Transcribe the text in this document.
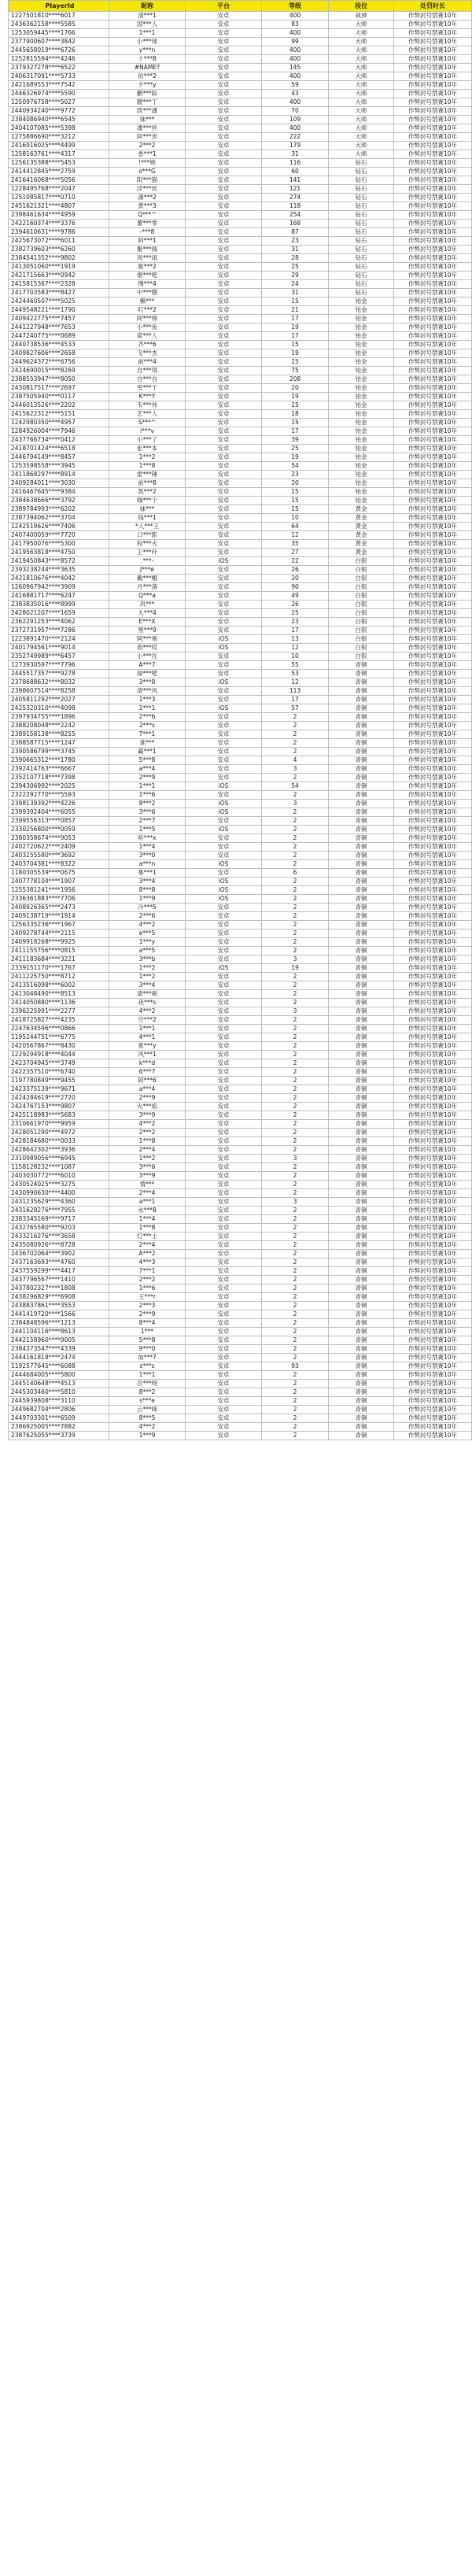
PlayerId	昵称	平台	等级	段位	处罚时长
1227501810****6017	清***1	安卓	400	战神	作弊封号禁赛10年
2436362158****5585	国***人	安卓	83	大师	作弊封号禁赛10年
1253059445****1766	1***1	安卓	400	大师	作弊封号禁赛10年
2377900607****3842	小***球	安卓	99	大师	作弊封号禁赛10年
2445658019****6726	y***n	安卓	400	大师	作弊封号禁赛10年
1252815594****4246	十***8	安卓	400	大师	作弊封号禁赛10年
2379327278****6522	#NAME?	安卓	145	大师	作弊封号禁赛10年
2406317091****5733	佑***2	安卓	400	大师	作弊封号禁赛10年
2421689553****7542	夕***y	安卓	59	大师	作弊封号禁赛10年
2446326974****5590	鹏***踪	安卓	43	大师	作弊封号禁赛10年
1250976758****5027	靓***丁	安卓	400	大师	作弊封号禁赛10年
2440934240****9772	凯***潘	安卓	70	大师	作弊封号禁赛10年
2384086940****6545	妹***	安卓	109	大师	作弊封号禁赛10年
2404107085****5398	潘***丝	安卓	400	大师	作弊封号禁赛10年
1275886690****3212	阿***世	安卓	222	大师	作弊封号禁赛10年
2416916025****4499	2***2	安卓	179	大师	作弊封号禁赛10年
1258163761****4317	香***1	安卓	31	大师	作弊封号禁赛10年
1256135388****5453	!***锦	安卓	116	钻石	作弊封号禁赛10年
2414412845****2759	o***G	安卓	60	钻石	作弊封号禁赛10年
2416416068****5056	阳***猫	安卓	141	钻石	作弊封号禁赛10年
1228495768****2047	浮***丝	安卓	121	钻石	作弊封号禁赛10年
1251085817****0710	凛***2	安卓	274	钻石	作弊封号禁赛10年
2451621321****4807	黄***3	安卓	118	钻石	作弊封号禁赛10年
2398461634****4959	Q***^	安卓	254	钻石	作弊封号禁赛10年
2422160374****3376	蕃***零	安卓	168	钻石	作弊封号禁赛10年
2394610631****9786	-***8	安卓	87	钻石	作弊封号禁赛10年
2425673072****6011	阿***1	安卓	23	钻石	作弊封号禁赛10年
2382739603****6260	聚***阁	安卓	31	钻石	作弊封号禁赛10年
2384541352****9802	风***雨	安卓	28	钻石	作弊封号禁赛10年
2413051060****1919	姬***2	安卓	25	钻石	作弊封号禁赛10年
2421715663****0942	烟***吧	安卓	29	钻石	作弊封号禁赛10年
2415815367****2328	慢***4	安卓	24	钻石	作弊封号禁赛10年
2417703583****8427	中***圈	安卓	31	钻石	作弊封号禁赛10年
2424460507****5025	懒***	安卓	15	铂金	作弊封号禁赛10年
2449548221****1790	叮***2	安卓	21	铂金	作弊封号禁赛10年
2409422775****7457	阿***棒	安卓	17	铂金	作弊封号禁赛10年
2441227948****7653	小***鱼	安卓	19	铂金	作弊封号禁赛10年
2447240775****0689	席***人	安卓	17	铂金	作弊封号禁赛10年
2440738536****4533	齐***6	安卓	15	铂金	作弊封号禁赛10年
2409827606****2658	飞***杰	安卓	19	铂金	作弊封号禁赛10年
2449624372****6756	前***4	安卓	15	铂金	作弊封号禁赛10年
2424690015****8269	自***得	安卓	75	铂金	作弊封号禁赛10年
2388553947****8050	自***自	安卓	208	铂金	作弊封号禁赛10年
2430817517****2697	雪***于	安卓	20	铂金	作弊封号禁赛10年
2387505940****0117	K***Y	安卓	19	铂金	作弊封号禁赛10年
2446013526****2202	韦***伟	安卓	15	铂金	作弊封号禁赛10年
2415622312****5151	艺***人	安卓	18	铂金	作弊封号禁赛10年
1242980350****4957	S***^	安卓	15	铂金	作弊封号禁赛10年
1284926004****7946	i***v	安卓	17	铂金	作弊封号禁赛10年
2437766734****0412	小***了	安卓	39	铂金	作弊封号禁赛10年
2418701424****6518	张***本	安卓	25	铂金	作弊封号禁赛10年
2446794149****8457	1***2	安卓	19	铂金	作弊封号禁赛10年
1253598558****3945	1***8	安卓	54	铂金	作弊封号禁赛10年
2411868297****8914	雷***锤	安卓	23	铂金	作弊封号禁赛10年
2409284011****3030	前***8	安卓	20	铂金	作弊封号禁赛10年
2416467645****9384	凯***2	安卓	15	铂金	作弊封号禁赛10年
2384638666****3792	咖***个	安卓	15	铂金	作弊封号禁赛10年
2389784993****6202	妹***	安卓	15	黄金	作弊封号禁赛10年
2387394062****3704	钱***1	安卓	10	黄金	作弊封号禁赛10年
1242519626****7406	*人***王	安卓	64	黄金	作弊封号禁赛10年
2407400059****7720	口***影	安卓	12	黄金	作弊封号禁赛10年
2417950076****5300	权***火	安卓	35	黄金	作弊封号禁赛10年
2419563818****4750	王***叶	安卓	27	黄金	作弊封号禁赛10年
2419450843****8572	.***-	iOS	22	白银	作弊封号禁赛10年
2393238244****3635	J***e	安卓	26	白银	作弊封号禁赛10年
2421810676****4042	戴***帽	安卓	20	白银	作弊封号禁赛10年
1260967942****3909	月***落	安卓	90	白银	作弊封号禁赛10年
2416881717****6247	Q***a	安卓	49	白银	作弊封号禁赛10年
2383835016****8999	风***	安卓	26	白银	作弊封号禁赛10年
2428021207****1659	大***4	安卓	25	白银	作弊封号禁赛10年
2362291253****4062	E***X	安卓	23	白银	作弊封号禁赛10年
2372731957****7286	黑***9	安卓	17	白银	作弊封号禁赛10年
1223891470****2124	阿***炮	iOS	13	白银	作弊封号禁赛10年
2401794561****9014	春***哎	iOS	12	白银	作弊封号禁赛10年
2352749989****6457	小***在	安卓	10	白银	作弊封号禁赛10年
1273930597****7796	A***7	安卓	55	青铜	作弊封号禁赛10年
2445517357****9278	丽***吧	安卓	53	青铜	作弊封号禁赛10年
2378688632****8032	3***8	iOS	12	青铜	作弊封号禁赛10年
2398607514****8258	清***风	安卓	113	青铜	作弊封号禁赛10年
2405811292****2027	1***3	安卓	17	青铜	作弊封号禁赛10年
2425320310****4098	1***1	iOS	57	青铜	作弊封号禁赛10年
2397934755****1896	2***6	安卓	2	青铜	作弊封号禁赛10年
2388208048****2242	2***s	安卓	2	青铜	作弊封号禁赛10年
2389158138****8255	T***1	安卓	2	青铜	作弊封号禁赛10年
2388587715****1247	谁***	安卓	2	青铜	作弊封号禁赛10年
2390586799****3745	霸***1	安卓	2	青铜	作弊封号禁赛10年
2390665312****1780	5***8	安卓	4	青铜	作弊封号禁赛10年
2392414763****6667	a***4	安卓	3	青铜	作弊封号禁赛10年
2352107718****7398	2***9	安卓	2	青铜	作弊封号禁赛10年
2394306992****2025	1***1	iOS	54	青铜	作弊封号禁赛10年
2322292770****5593	1***6	安卓	2	青铜	作弊封号禁赛10年
2398139392****4226	8***2	iOS	3	青铜	作弊封号禁赛10年
2399392404****6055	3***6	iOS	2	青铜	作弊封号禁赛10年
2399556313****0857	2***7	安卓	2	青铜	作弊封号禁赛10年
2330256800****0059	1***5	iOS	2	青铜	作弊封号禁赛10年
2380358674****9053	听***x	安卓	2	青铜	作弊封号禁赛10年
2402720622****2409	1***4	安卓	2	青铜	作弊封号禁赛10年
2403255580****3692	3***0	安卓	2	青铜	作弊封号禁赛10年
2403704381****8322	a***n	iOS	2	青铜	作弊封号禁赛10年
1180305539****0675	暴***1	安卓	6	青铜	作弊封号禁赛10年
2407778104****1907	3***4	iOS	2	青铜	作弊封号禁赛10年
1255381241****1956	8***8	iOS	2	青铜	作弊封号禁赛10年
2336361883****7706	1***9	iOS	2	青铜	作弊封号禁赛10年
2408926365****2473	冷***5	安卓	2	青铜	作弊封号禁赛10年
2409138719****1914	2***6	安卓	2	青铜	作弊封号禁赛10年
1256335236****1967	4***2	安卓	2	青铜	作弊封号禁赛10年
2409278744****2115	e***5	安卓	2	青铜	作弊封号禁赛10年
2409918268****9925	1***y	安卓	2	青铜	作弊封号禁赛10年
2411155756****0815	a***5	安卓	2	青铜	作弊封号禁赛10年
2411183684****3221	3***b	安卓	3	青铜	作弊封号禁赛10年
2339151170****1767	1***2	iOS	19	青铜	作弊封号禁赛10年
2411225750****8712	1***2	安卓	2	青铜	作弊封号禁赛10年
2413516098****6002	3***4	安卓	2	青铜	作弊封号禁赛10年
2413048490****8513	请***刺	安卓	2	青铜	作弊封号禁赛10年
2414050880****1136	夜***s	安卓	2	青铜	作弊封号禁赛10年
2396225991****2277	4***2	安卓	3	青铜	作弊封号禁赛10年
2418725827****4235	空***2	安卓	2	青铜	作弊封号禁赛10年
2247634596****0866	1***1	安卓	2	青铜	作弊封号禁赛10年
1195244751****6775	4***1	安卓	2	青铜	作弊封号禁赛10年
2420567867****8430	夏***y	安卓	2	青铜	作弊封号禁赛10年
1229294918****4044	风***1	安卓	2	青铜	作弊封号禁赛10年
2423704945****3749	k***d	安卓	2	青铜	作弊封号禁赛10年
2422357510****6740	6***7	安卓	2	青铜	作弊封号禁赛10年
1197780849****9455	阿***6	安卓	2	青铜	作弊封号禁赛10年
2423375139****9671	a***4	安卓	2	青铜	作弊封号禁赛10年
2424284619****2720	2***9	安卓	2	青铜	作弊封号禁赛10年
2424767153****9807	火***焰	安卓	2	青铜	作弊封号禁赛10年
2425118983****5683	3***9	安卓	2	青铜	作弊封号禁赛10年
2310661970****9959	4***2	安卓	2	青铜	作弊封号禁赛10年
2428051290****4972	2***2	安卓	2	青铜	作弊封号禁赛10年
2428184680****0033	1***8	安卓	2	青铜	作弊封号禁赛10年
2428642302****3936	2***4	安卓	2	青铜	作弊封号禁赛10年
2310989056****6945	1***2	安卓	3	青铜	作弊封号禁赛10年
1158128232****1087	3***6	安卓	2	青铜	作弊封号禁赛10年
2403030772****6010	3***9	安卓	2	青铜	作弊封号禁赛10年
2430524025****3275	情***	安卓	2	青铜	作弊封号禁赛10年
2430990630****4400	2***4	安卓	2	青铜	作弊封号禁赛10年
2431235629****4360	a***1	安卓	3	青铜	作弊封号禁赛10年
2431628276****7955	水***8	安卓	2	青铜	作弊封号禁赛10年
2383345169****9717	1***4	安卓	2	青铜	作弊封号禁赛10年
2432765580****9203	1***8	安卓	2	青铜	作弊封号禁赛10年
2433216276****3658	灯***士	安卓	2	青铜	作弊封号禁赛10年
2435080926****8728	2***4	安卓	2	青铜	作弊封号禁赛10年
2436702064****3902	A***2	安卓	2	青铜	作弊封号禁赛10年
2437163693****4760	4***3	安卓	2	青铜	作弊封号禁赛10年
2437559299****4417	7***1	安卓	2	青铜	作弊封号禁赛10年
2437796567****1410	2***2	安卓	2	青铜	作弊封号禁赛10年
2437802327****1808	1***6	安卓	2	青铜	作弊封号禁赛10年
2438296829****6908	王***r	安卓	2	青铜	作弊封号禁赛10年
2438837861****3553	2***3	安卓	2	青铜	作弊封号禁赛10年
2441419720****1566	2***9	安卓	2	青铜	作弊封号禁赛10年
2384848596****1213	8***4	安卓	2	青铜	作弊封号禁赛10年
2441104116****8613	1***	安卓	2	青铜	作弊封号禁赛10年
2442158960****9005	5***8	安卓	2	青铜	作弊封号禁赛10年
2384373547****4339	9***0	安卓	2	青铜	作弊封号禁赛10年
2444161818****2474	加***7	安卓	2	青铜	作弊封号禁赛10年
1192577645****6088	s***s	安卓	93	青铜	作弊封号禁赛10年
2444684005****5800	1***1	安卓	2	青铜	作弊封号禁赛10年
2445140648****4513	吾***呀	安卓	2	青铜	作弊封号禁赛10年
2445303460****5810	8***2	安卓	2	青铜	作弊封号禁赛10年
2445939808****3110	s***e	安卓	2	青铜	作弊封号禁赛10年
2449682704****2806	云***咪	安卓	2	青铜	作弊封号禁赛10年
2449703301****6509	8***5	安卓	2	青铜	作弊封号禁赛10年
2386925005****7882	4***2	安卓	2	青铜	作弊封号禁赛10年
2387625055****3739	1***9	安卓	2	青铜	作弊封号禁赛10年
